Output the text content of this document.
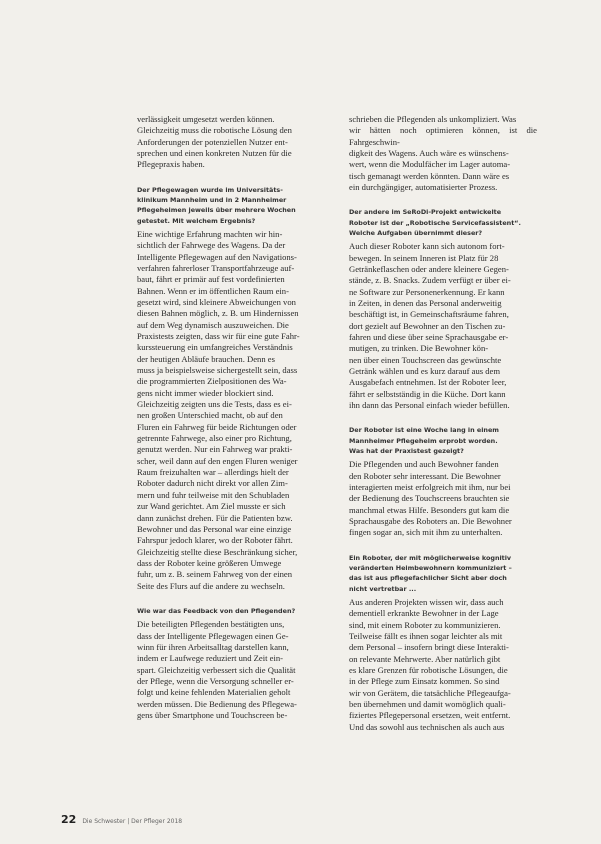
verlässigkeit umgesetzt werden können.
Gleichzeitig muss die robotische Lösung den
Anforderungen der potenziellen Nutzer ent-
sprechen und einen konkreten Nutzen für die
Pflegepraxis haben.

Der Pflegewagen wurde im Universitäts-
klinikum Mannheim und in 2 Mannheimer
Pflegeheimen jeweils über mehrere Wochen
getestet. Mit welchem Ergebnis?

Eine wichtige Erfahrung machten wir hin-
sichtlich der Fahrwege des Wagens. Da der
Intelligente Pflegewagen auf den Navigations-
verfahren fahrerloser Transportfahrzeuge auf-
baut, fährt er primär auf fest vordefinierten
Bahnen. Wenn er im öffentlichen Raum ein-
gesetzt wird, sind kleinere Abweichungen von
diesen Bahnen möglich, z. B. um Hindernissen
auf dem Weg dynamisch auszuweichen. Die
Praxistests zeigten, dass wir für eine gute Fahr-
kurssteuerung ein umfangreiches Verständnis
der heutigen Abläufe brauchen. Denn es
muss ja beispielsweise sichergestellt sein, dass
die programmierten Zielpositionen des Wa-
gens nicht immer wieder blockiert sind.
Gleichzeitig zeigten uns die Tests, dass es ei-
nen großen Unterschied macht, ob auf den
Fluren ein Fahrweg für beide Richtungen oder
getrennte Fahrwege, also einer pro Richtung,
genutzt werden. Nur ein Fahrweg war prakti-
scher, weil dann auf den engen Fluren weniger
Raum freizuhalten war – allerdings hielt der
Roboter dadurch nicht direkt vor allen Zim-
mern und fuhr teilweise mit den Schubladen
zur Wand gerichtet. Am Ziel musste er sich
dann zunächst drehen. Für die Patienten bzw.
Bewohner und das Personal war eine einzige
Fahrspur jedoch klarer, wo der Roboter fährt.
Gleichzeitig stellte diese Beschränkung sicher,
dass der Roboter keine größeren Umwege
fuhr, um z. B. seinem Fahrweg von der einen
Seite des Flurs auf die andere zu wechseln.

Wie war das Feedback von den Pflegenden?

Die beteiligten Pflegenden bestätigten uns,
dass der Intelligente Pflegewagen einen Ge-
winn für ihren Arbeitsalltag darstellen kann,
indem er Laufwege reduziert und Zeit ein-
spart. Gleichzeitig verbessert sich die Qualität
der Pflege, wenn die Versorgung schneller er-
folgt und keine fehlenden Materialien geholt
werden müssen. Die Bedienung des Pflegewa-
gens über Smartphone und Touchscreen be-

schrieben die Pflegenden als unkompliziert. Was
wir hätten noch optimieren können, ist die Fahrgeschwin-
digkeit des Wagens. Auch wäre es wünschens-
wert, wenn die Modulfächer im Lager automa-
tisch gemanagt werden könnten. Dann wäre es
ein durchgängiger, automatisierter Prozess.

Der andere im SeRoDi-Projekt entwickelte
Roboter ist der „Robotische Servicefassistent“.
Welche Aufgaben übernimmt dieser?

Auch dieser Roboter kann sich autonom fort-
bewegen. In seinem Inneren ist Platz für 28
Getränkeflaschen oder andere kleinere Gegen-
stände, z. B. Snacks. Zudem verfügt er über ei-
ne Software zur Personenerkennung. Er kann
in Zeiten, in denen das Personal anderweitig
beschäftigt ist, in Gemeinschaftsräume fahren,
dort gezielt auf Bewohner an den Tischen zu-
fahren und diese über seine Sprachausgabe er-
mutigen, zu trinken. Die Bewohner kön-
nen über einen Touchscreen das gewünschte
Getränk wählen und es kurz darauf aus dem
Ausgabefach entnehmen. Ist der Roboter leer,
fährt er selbstständig in die Küche. Dort kann
ihn dann das Personal einfach wieder befüllen.

Der Roboter ist eine Woche lang in einem
Mannheimer Pflegeheim erprobt worden.
Was hat der Praxistest gezeigt?

Die Pflegenden und auch Bewohner fanden
den Roboter sehr interessant. Die Bewohner
interagierten meist erfolgreich mit ihm, nur bei
der Bedienung des Touchscreens brauchten sie
manchmal etwas Hilfe. Besonders gut kam die
Sprachausgabe des Roboters an. Die Bewohner
fingen sogar an, sich mit ihm zu unterhalten.

Ein Roboter, der mit möglicherweise kognitiv
veränderten Heimbewohnern kommuniziert –
das ist aus pflegefachlicher Sicht aber doch
nicht vertretbar ...

Aus anderen Projekten wissen wir, dass auch
dementiell erkrankte Bewohner in der Lage
sind, mit einem Roboter zu kommunizieren.
Teilweise fällt es ihnen sogar leichter als mit
dem Personal – insofern bringt diese Interakti-
on relevante Mehrwerte. Aber natürlich gibt
es klare Grenzen für robotische Lösungen, die
in der Pflege zum Einsatz kommen. So sind
wir von Gerätem, die tatsächliche Pflegeaufga-
ben übernehmen und damit womöglich quali-
fiziertes Pflegepersonal ersetzen, weit entfernt.
Und das sowohl aus technischen als auch aus

22 Die Schwester | Der Pfleger 2018
